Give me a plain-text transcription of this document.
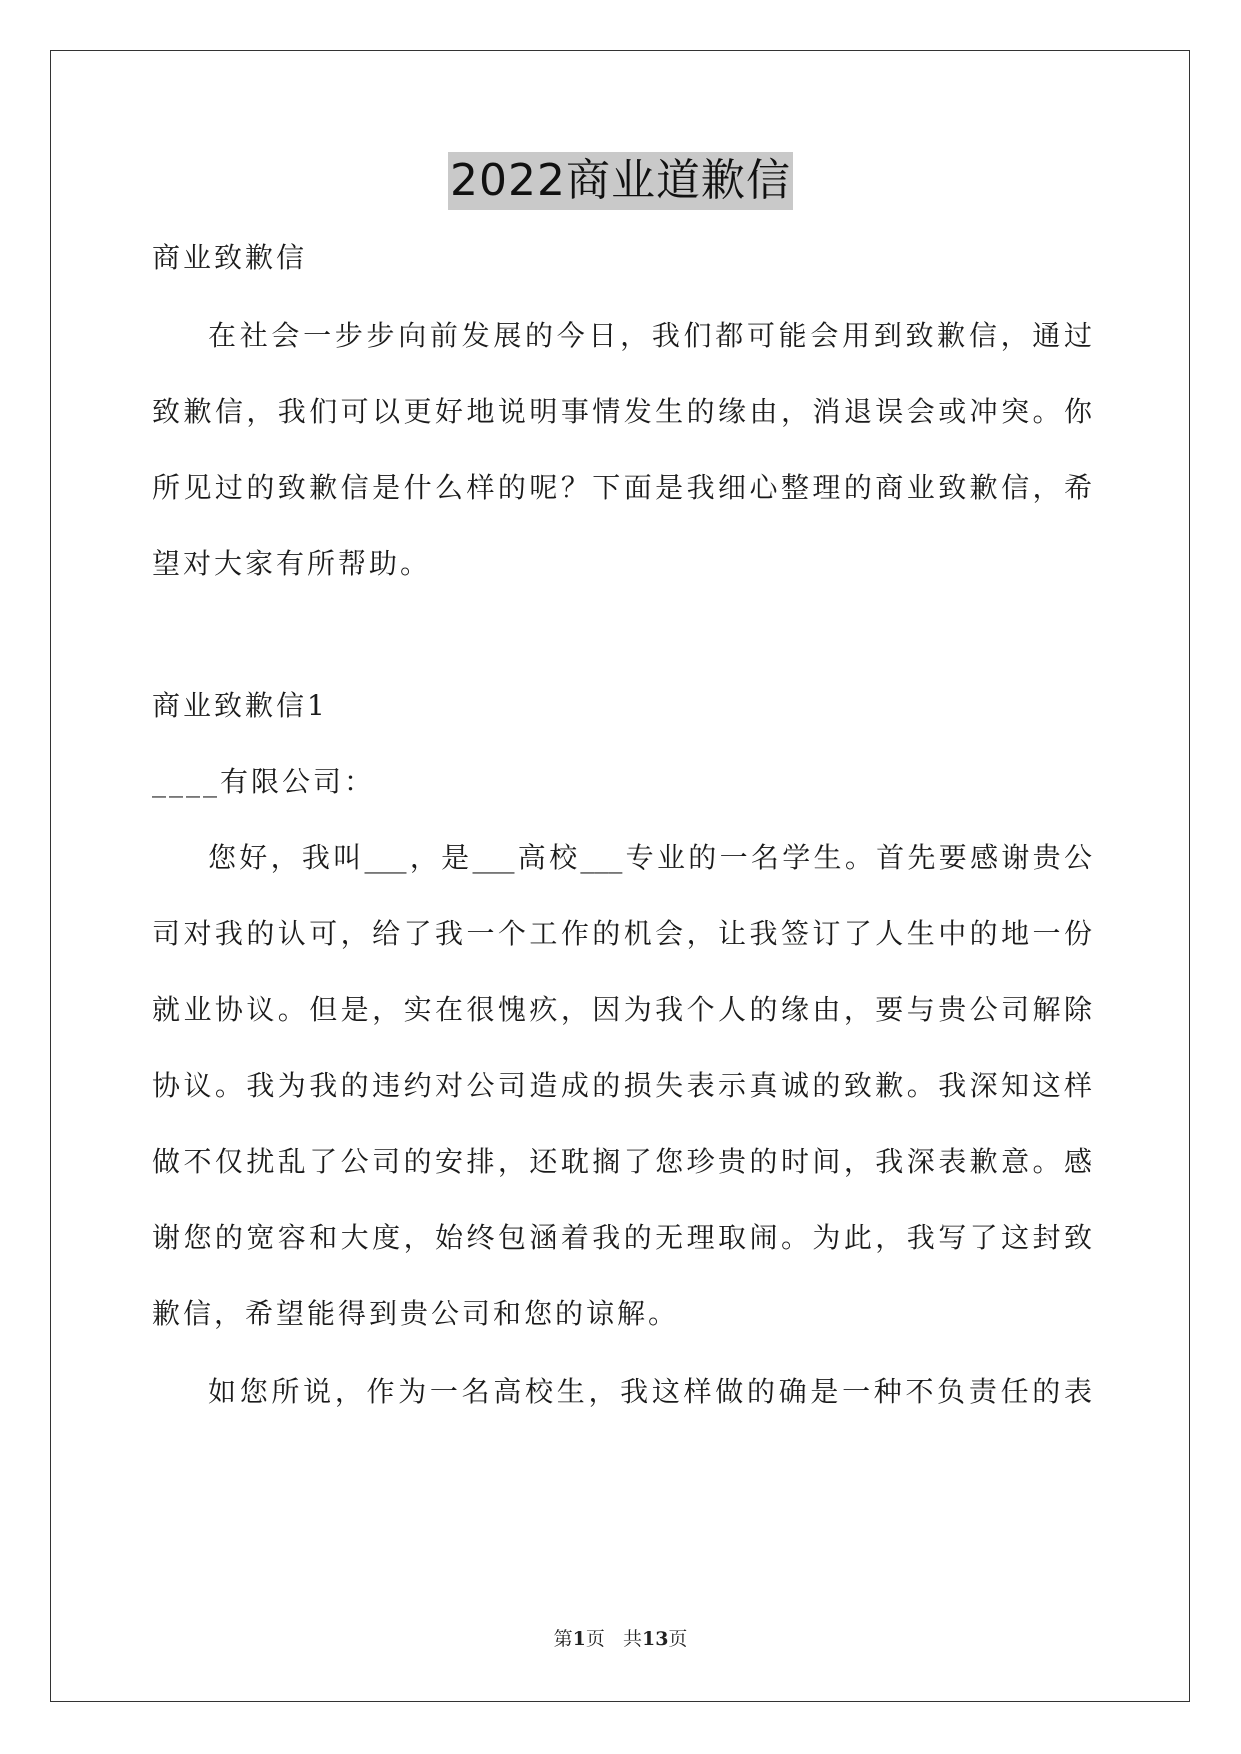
2022商业道歉信
商业致歉信
在社会一步步向前发展的今日，我们都可能会用到致歉信，通过
致歉信，我们可以更好地说明事情发生的缘由，消退误会或冲突。你
所见过的致歉信是什么样的呢？下面是我细心整理的商业致歉信，希
望对大家有所帮助。
商业致歉信1
____有限公司：
您好，我叫___，是___高校___专业的一名学生。首先要感谢贵公
司对我的认可，给了我一个工作的机会，让我签订了人生中的地一份
就业协议。但是，实在很愧疚，因为我个人的缘由，要与贵公司解除
协议。我为我的违约对公司造成的损失表示真诚的致歉。我深知这样
做不仅扰乱了公司的安排，还耽搁了您珍贵的时间，我深表歉意。感
谢您的宽容和大度，始终包涵着我的无理取闹。为此，我写了这封致
歉信，希望能得到贵公司和您的谅解。
如您所说，作为一名高校生，我这样做的确是一种不负责任的表
第1页 共13页
